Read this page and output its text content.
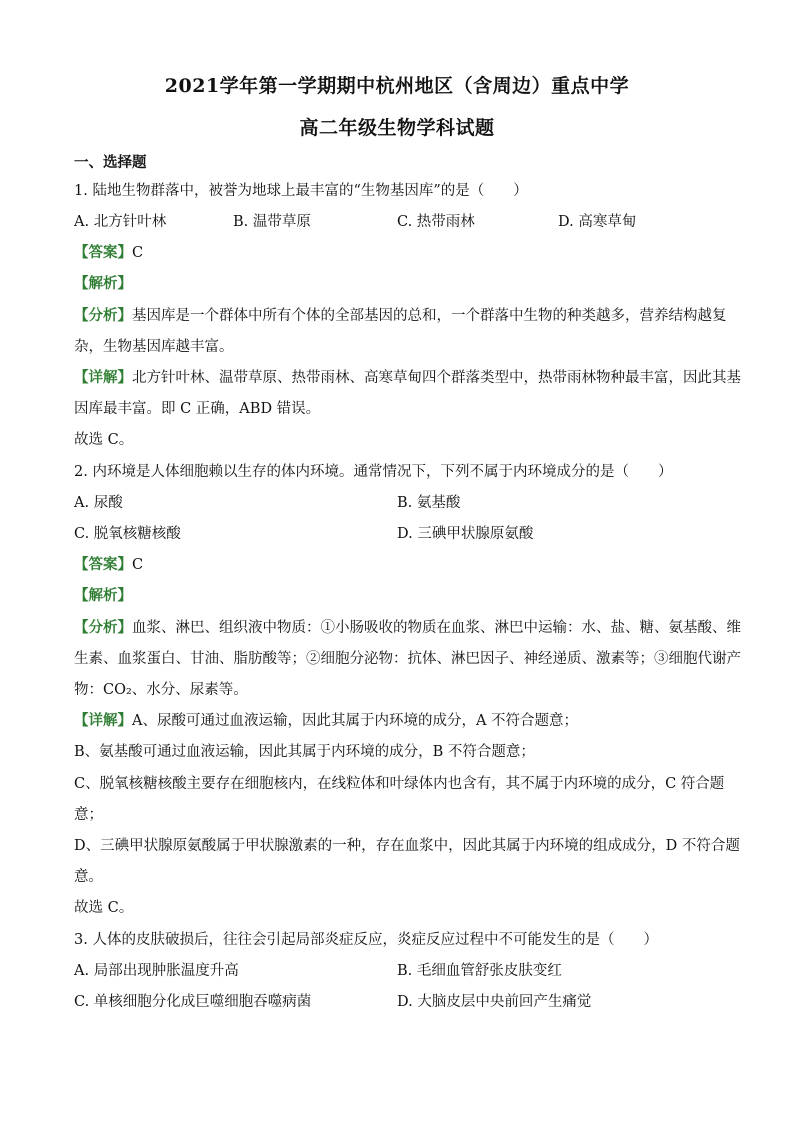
2021学年第一学期期中杭州地区（含周边）重点中学
高二年级生物学科试题
一、选择题
1. 陆地生物群落中，被誉为地球上最丰富的“生物基因库”的是（　　）
A. 北方针叶林	B. 温带草原	C. 热带雨林	D. 高寒草甸
【答案】C
【解析】
【分析】基因库是一个群体中所有个体的全部基因的总和，一个群落中生物的种类越多，营养结构越复
杂，生物基因库越丰富。
【详解】北方针叶林、温带草原、热带雨林、高寒草甸四个群落类型中，热带雨林物种最丰富，因此其基
因库最丰富。即 C 正确，ABD 错误。
故选 C。
2. 内环境是人体细胞赖以生存的体内环境。通常情况下，下列不属于内环境成分的是（　　）
A. 尿酸	B. 氨基酸
C. 脱氧核糖核酸	D. 三碘甲状腺原氨酸
【答案】C
【解析】
【分析】血浆、淋巴、组织液中物质：①小肠吸收的物质在血浆、淋巴中运输：水、盐、糖、氨基酸、维
生素、血浆蛋白、甘油、脂肪酸等；②细胞分泌物：抗体、淋巴因子、神经递质、激素等；③细胞代谢产
物：CO₂、水分、尿素等。
【详解】A、尿酸可通过血液运输，因此其属于内环境的成分，A 不符合题意；
B、氨基酸可通过血液运输，因此其属于内环境的成分，B 不符合题意；
C、脱氧核糖核酸主要存在细胞核内，在线粒体和叶绿体内也含有，其不属于内环境的成分，C 符合题
意；
D、三碘甲状腺原氨酸属于甲状腺激素的一种，存在血浆中，因此其属于内环境的组成成分，D 不符合题
意。
故选 C。
3. 人体的皮肤破损后，往往会引起局部炎症反应，炎症反应过程中不可能发生的是（　　）
A. 局部出现肿胀温度升高	B. 毛细血管舒张皮肤变红
C. 单核细胞分化成巨噬细胞吞噬病菌	D. 大脑皮层中央前回产生痛觉
